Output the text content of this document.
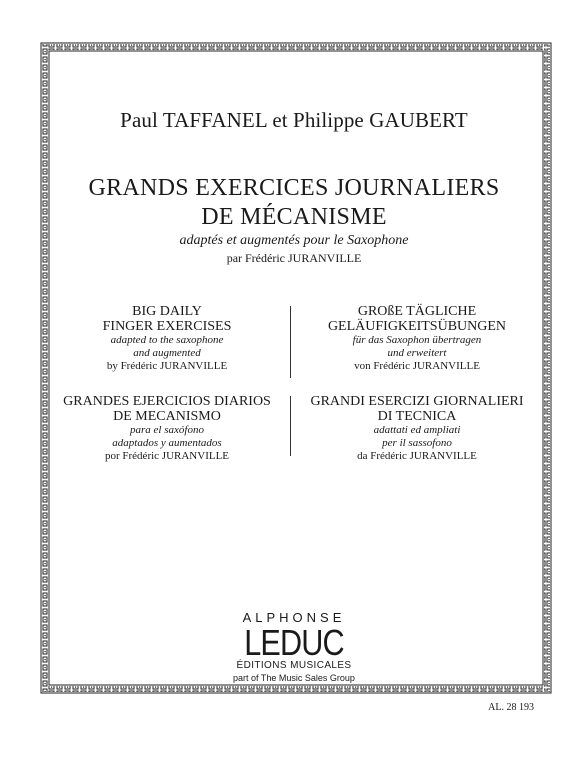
Paul TAFFANEL et Philippe GAUBERT
GRANDS EXERCICES JOURNALIERS
DE MÉCANISME
adaptés et augmentés pour le Saxophone
par Frédéric JURANVILLE
BIG DAILY
FINGER EXERCISES
adapted to the saxophone
and augmented
by Frédéric JURANVILLE
GROßE TÄGLICHE
GELÄUFIGKEITSÜBUNGEN
für das Saxophon übertragen
und erweitert
von Frédéric JURANVILLE
GRANDES EJERCICIOS DIARIOS
DE MECANISMO
para el saxófono
adaptados y aumentados
por Frédéric JURANVILLE
GRANDI ESERCIZI GIORNALIERI
DI TECNICA
adattati ed ampliati
per il sassofono
da Frédéric JURANVILLE
ALPHONSE
LEDUC
ÉDITIONS MUSICALES
part of The Music Sales Group
AL. 28 193
